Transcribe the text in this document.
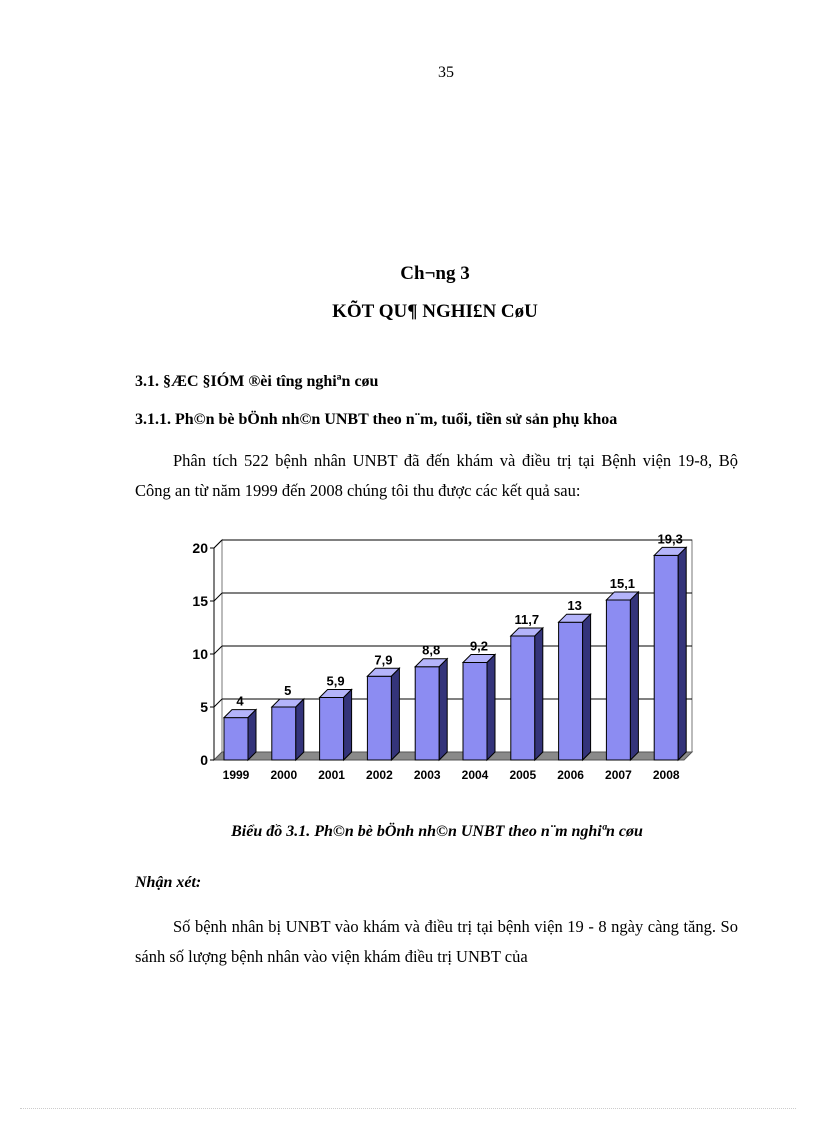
35
Ch¬ng 3
KÕT QU¶ NGHI£N CøU
3.1. §ÆC §IÓM ®èi tîng nghiªn cøu
3.1.1. Ph©n bè bÖnh nh©n UNBT theo n¨m, tuổi, tiền sử sản phụ khoa
Phân tích 522 bệnh nhân UNBT đã đến khám và điều trị tại Bệnh viện 19-8, Bộ Công an từ năm 1999 đến 2008 chúng tôi thu được các kết quả sau:
0
5
10
15
20
4
1999
5
2000
5,9
2001
7,9
2002
8,8
2003
9,2
2004
11,7
2005
13
2006
15,1
2007
19,3
2008
Biểu đồ 3.1. Ph©n bè bÖnh nh©n UNBT theo n¨m nghiªn cøu
Nhận xét:
Số bệnh nhân bị UNBT vào khám và điều trị tại bệnh viện 19 - 8 ngày càng tăng. So sánh số lượng bệnh nhân vào viện khám điều trị UNBT của
